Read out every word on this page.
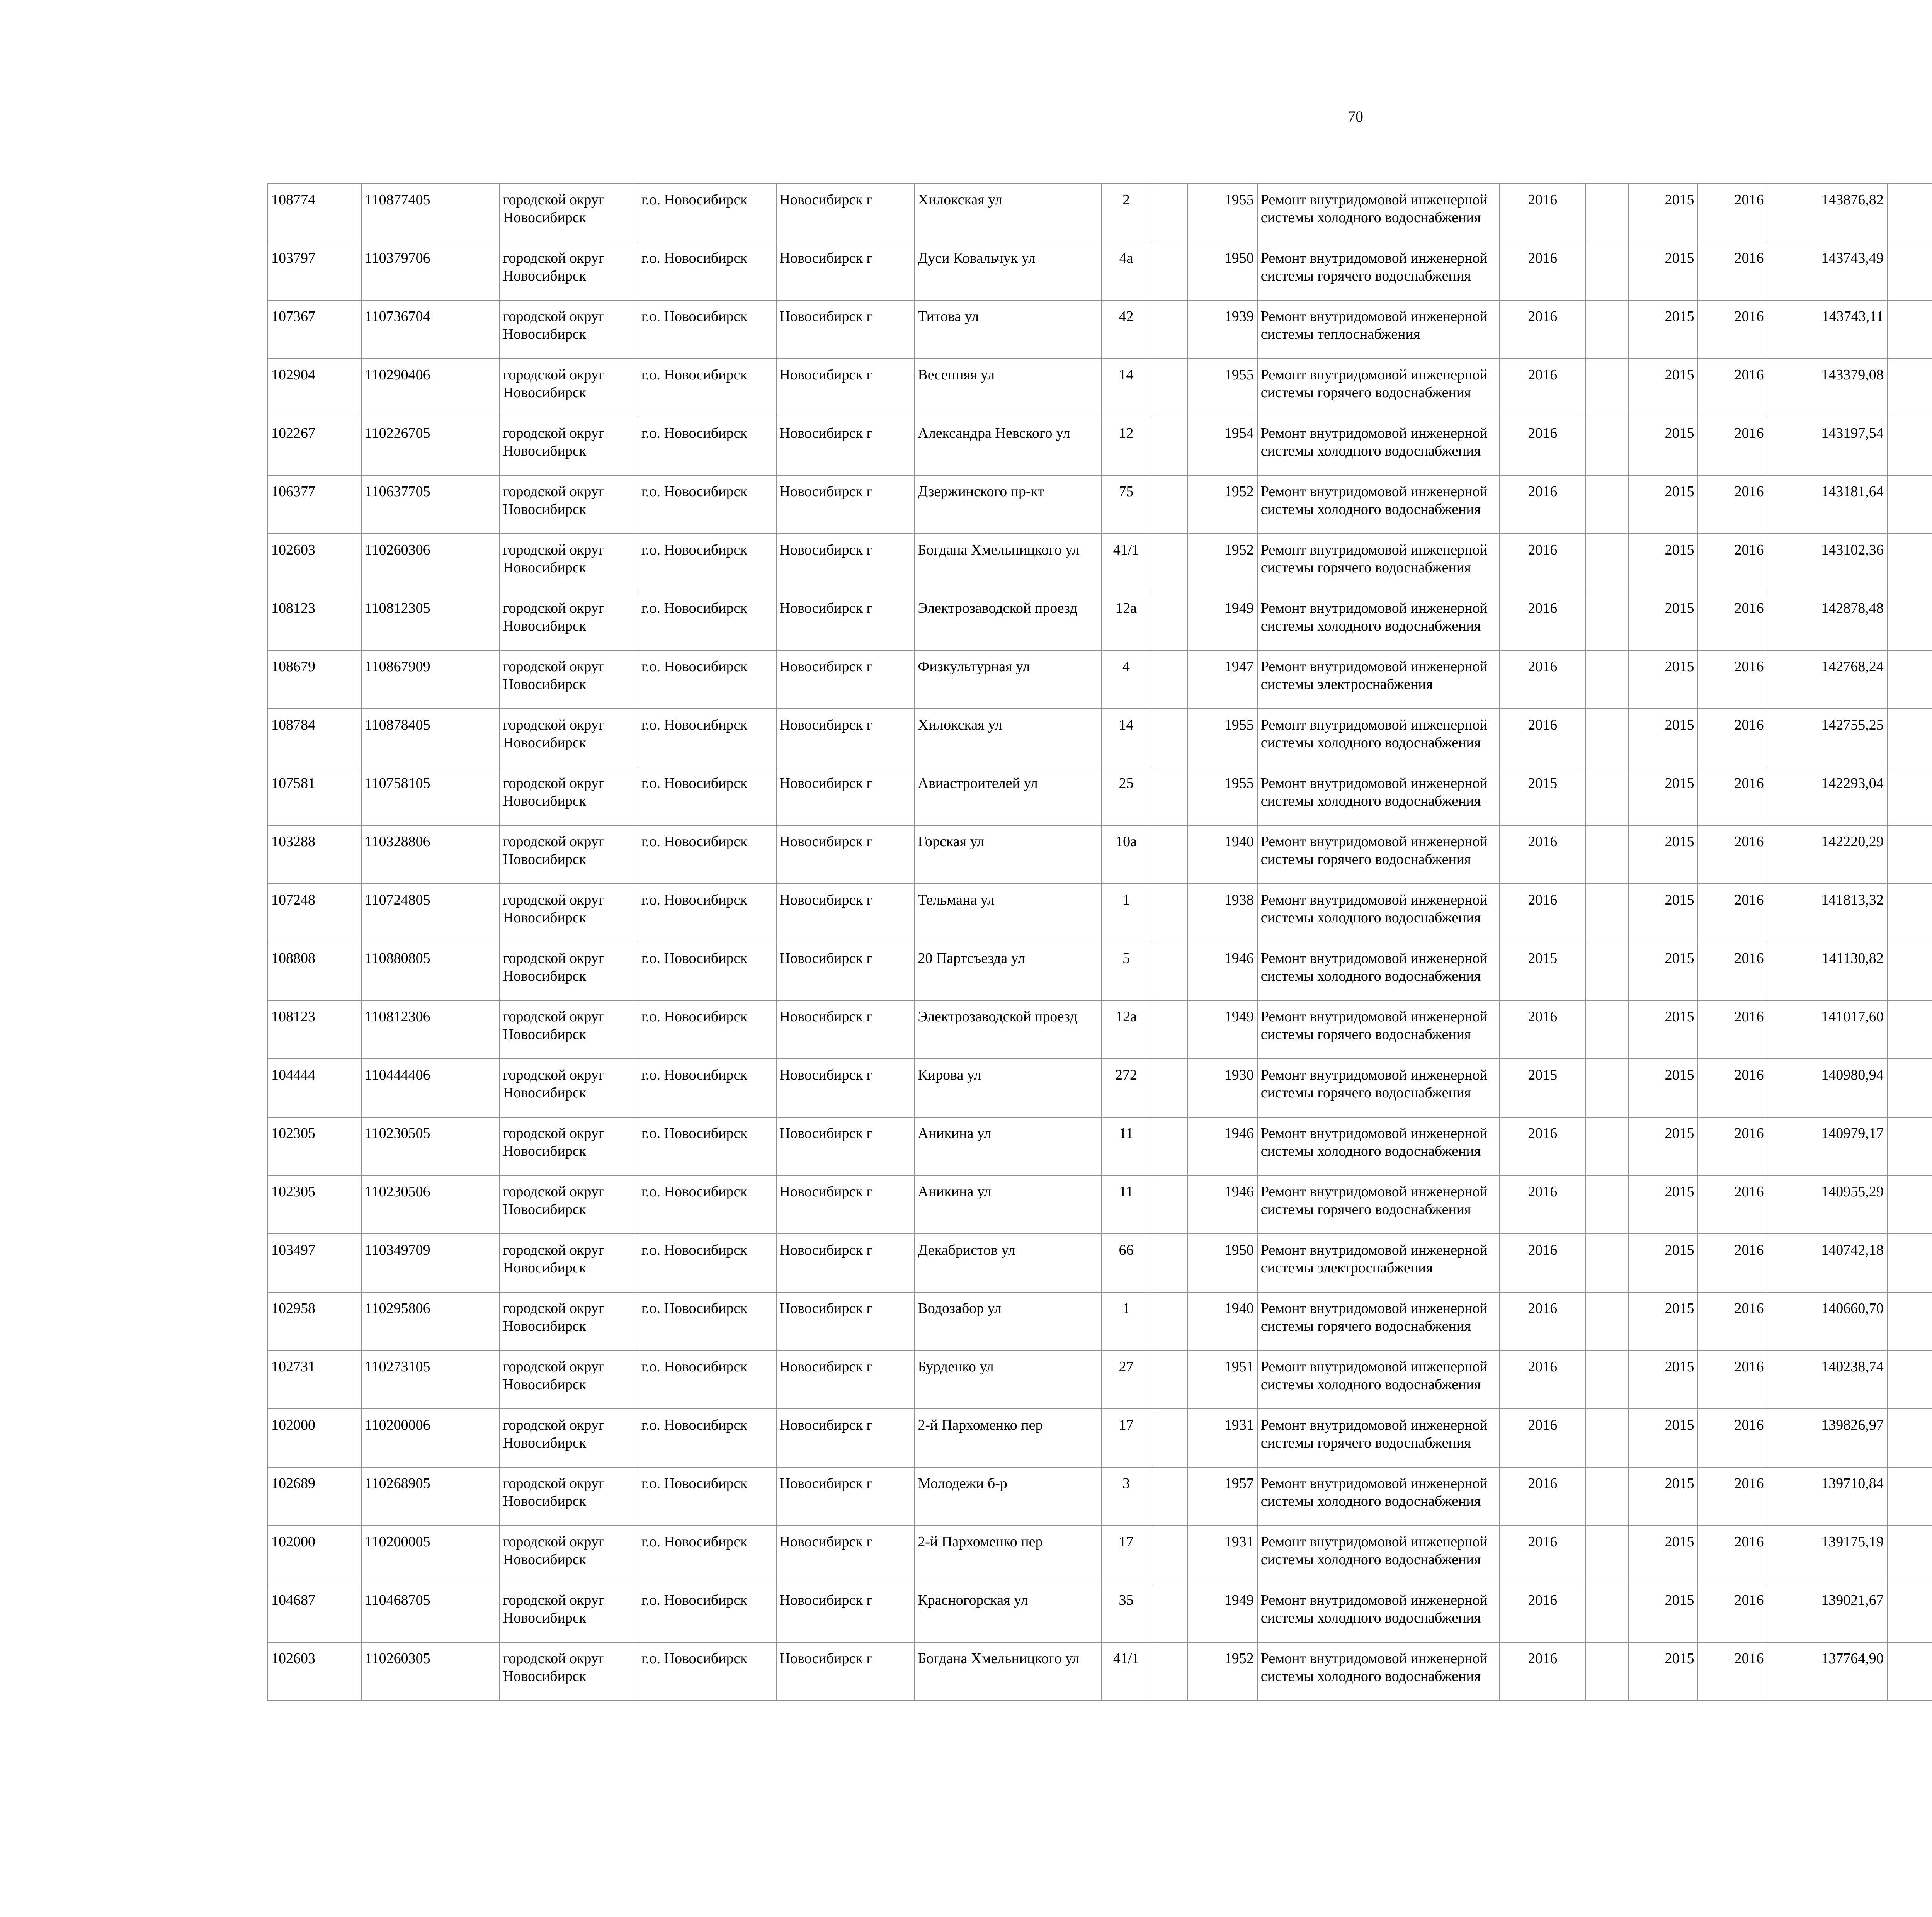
70
108774	110877405	городской округ Новосибирск	г.о. Новосибирск	Новосибирск г	Хилокская ул	2		1955	Ремонт внутридомовой инженерной системы холодного водоснабжения	2016		2015	2016	143876,82						
103797	110379706	городской округ Новосибирск	г.о. Новосибирск	Новосибирск г	Дуси Ковальчук ул	4а		1950	Ремонт внутридомовой инженерной системы горячего водоснабжения	2016		2015	2016	143743,49						
107367	110736704	городской округ Новосибирск	г.о. Новосибирск	Новосибирск г	Титова ул	42		1939	Ремонт внутридомовой инженерной системы теплоснабжения	2016		2015	2016	143743,11						
102904	110290406	городской округ Новосибирск	г.о. Новосибирск	Новосибирск г	Весенняя ул	14		1955	Ремонт внутридомовой инженерной системы горячего водоснабжения	2016		2015	2016	143379,08						
102267	110226705	городской округ Новосибирск	г.о. Новосибирск	Новосибирск г	Александра Невского ул	12		1954	Ремонт внутридомовой инженерной системы холодного водоснабжения	2016		2015	2016	143197,54						
106377	110637705	городской округ Новосибирск	г.о. Новосибирск	Новосибирск г	Дзержинского пр-кт	75		1952	Ремонт внутридомовой инженерной системы холодного водоснабжения	2016		2015	2016	143181,64						
102603	110260306	городской округ Новосибирск	г.о. Новосибирск	Новосибирск г	Богдана Хмельницкого ул	41/1		1952	Ремонт внутридомовой инженерной системы горячего водоснабжения	2016		2015	2016	143102,36						
108123	110812305	городской округ Новосибирск	г.о. Новосибирск	Новосибирск г	Электрозаводской проезд	12а		1949	Ремонт внутридомовой инженерной системы холодного водоснабжения	2016		2015	2016	142878,48						
108679	110867909	городской округ Новосибирск	г.о. Новосибирск	Новосибирск г	Физкультурная ул	4		1947	Ремонт внутридомовой инженерной системы электроснабжения	2016		2015	2016	142768,24						
108784	110878405	городской округ Новосибирск	г.о. Новосибирск	Новосибирск г	Хилокская ул	14		1955	Ремонт внутридомовой инженерной системы холодного водоснабжения	2016		2015	2016	142755,25						
107581	110758105	городской округ Новосибирск	г.о. Новосибирск	Новосибирск г	Авиастроителей ул	25		1955	Ремонт внутридомовой инженерной системы холодного водоснабжения	2015		2015	2016	142293,04						
103288	110328806	городской округ Новосибирск	г.о. Новосибирск	Новосибирск г	Горская ул	10а		1940	Ремонт внутридомовой инженерной системы горячего водоснабжения	2016		2015	2016	142220,29						
107248	110724805	городской округ Новосибирск	г.о. Новосибирск	Новосибирск г	Тельмана ул	1		1938	Ремонт внутридомовой инженерной системы холодного водоснабжения	2016		2015	2016	141813,32						
108808	110880805	городской округ Новосибирск	г.о. Новосибирск	Новосибирск г	20 Партсъезда ул	5		1946	Ремонт внутридомовой инженерной системы холодного водоснабжения	2015		2015	2016	141130,82						
108123	110812306	городской округ Новосибирск	г.о. Новосибирск	Новосибирск г	Электрозаводской проезд	12а		1949	Ремонт внутридомовой инженерной системы горячего водоснабжения	2016		2015	2016	141017,60						
104444	110444406	городской округ Новосибирск	г.о. Новосибирск	Новосибирск г	Кирова ул	272		1930	Ремонт внутридомовой инженерной системы горячего водоснабжения	2015		2015	2016	140980,94						
102305	110230505	городской округ Новосибирск	г.о. Новосибирск	Новосибирск г	Аникина ул	11		1946	Ремонт внутридомовой инженерной системы холодного водоснабжения	2016		2015	2016	140979,17						
102305	110230506	городской округ Новосибирск	г.о. Новосибирск	Новосибирск г	Аникина ул	11		1946	Ремонт внутридомовой инженерной системы горячего водоснабжения	2016		2015	2016	140955,29						
103497	110349709	городской округ Новосибирск	г.о. Новосибирск	Новосибирск г	Декабристов ул	66		1950	Ремонт внутридомовой инженерной системы электроснабжения	2016		2015	2016	140742,18						
102958	110295806	городской округ Новосибирск	г.о. Новосибирск	Новосибирск г	Водозабор ул	1		1940	Ремонт внутридомовой инженерной системы горячего водоснабжения	2016		2015	2016	140660,70						
102731	110273105	городской округ Новосибирск	г.о. Новосибирск	Новосибирск г	Бурденко ул	27		1951	Ремонт внутридомовой инженерной системы холодного водоснабжения	2016		2015	2016	140238,74						
102000	110200006	городской округ Новосибирск	г.о. Новосибирск	Новосибирск г	2-й Пархоменко пер	17		1931	Ремонт внутридомовой инженерной системы горячего водоснабжения	2016		2015	2016	139826,97						
102689	110268905	городской округ Новосибирск	г.о. Новосибирск	Новосибирск г	Молодежи б-р	3		1957	Ремонт внутридомовой инженерной системы холодного водоснабжения	2016		2015	2016	139710,84						
102000	110200005	городской округ Новосибирск	г.о. Новосибирск	Новосибирск г	2-й Пархоменко пер	17		1931	Ремонт внутридомовой инженерной системы холодного водоснабжения	2016		2015	2016	139175,19						
104687	110468705	городской округ Новосибирск	г.о. Новосибирск	Новосибирск г	Красногорская ул	35		1949	Ремонт внутридомовой инженерной системы холодного водоснабжения	2016		2015	2016	139021,67						
102603	110260305	городской округ Новосибирск	г.о. Новосибирск	Новосибирск г	Богдана Хмельницкого ул	41/1		1952	Ремонт внутридомовой инженерной системы холодного водоснабжения	2016		2015	2016	137764,90						
